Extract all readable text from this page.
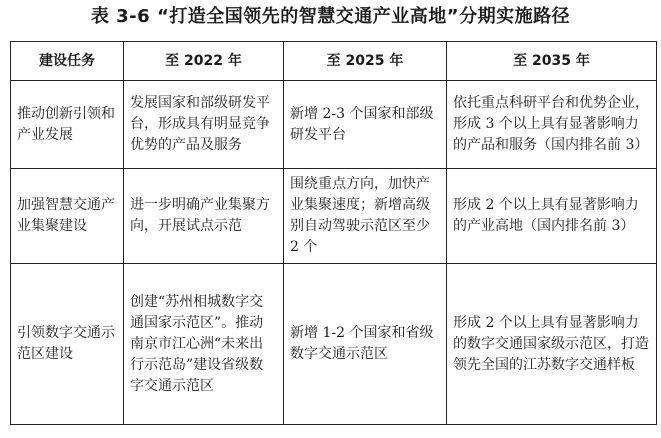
表 3-6 “打造全国领先的智慧交通产业高地”分期实施路径
建设任务	至 2022 年	至 2025 年	至 2035 年
推动创新引领和产业发展	发展国家和部级研发平台，形成具有明显竞争优势的产品及服务	新增 2-3 个国家和部级研发平台	依托重点科研平台和优势企业，形成 3 个以上具有显著影响力的产品和服务（国内排名前 3）
加强智慧交通产业集聚建设	进一步明确产业集聚方向，开展试点示范	围绕重点方向，加快产业集聚速度；新增高级别自动驾驶示范区至少 2 个	形成 2 个以上具有显著影响力的产业高地（国内排名前 3）
引领数字交通示范区建设	创建“苏州相城数字交通国家示范区”。推动南京市江心洲“未来出行示范岛”建设省级数字交通示范区	新增 1-2 个国家和省级数字交通示范区	形成 2 个以上具有显著影响力的数字交通国家级示范区，打造领先全国的江苏数字交通样板
